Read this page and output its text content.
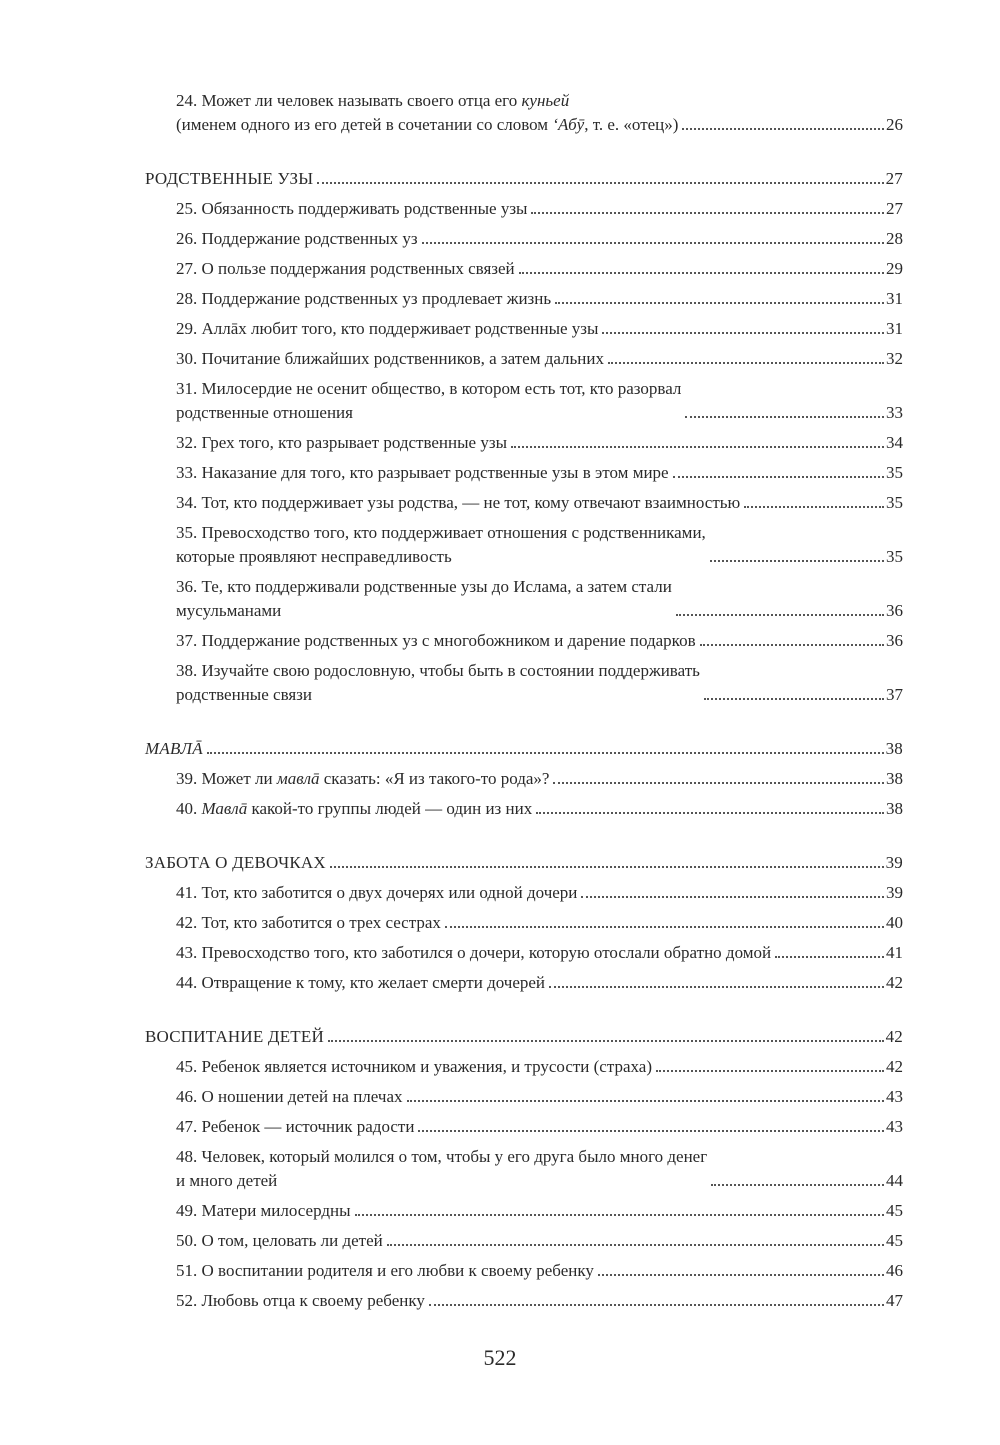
24. Может ли человек называть своего отца его куньей
(именем одного из его детей в сочетании со словом ‘Абӯ, т. е. «отец»)	26
РОДСТВЕННЫЕ УЗЫ	27
25. Обязанность поддерживать родственные узы	27
26. Поддержание родственных уз	28
27. О пользе поддержания родственных связей	29
28. Поддержание родственных уз продлевает жизнь	31
29. Аллāх любит того, кто поддерживает родственные узы	31
30. Почитание ближайших родственников, а затем дальних	32
31. Милосердие не осенит общество, в котором есть тот, кто разорвал
родственные отношения	33
32. Грех того, кто разрывает родственные узы	34
33. Наказание для того, кто разрывает родственные узы в этом мире	35
34. Тот, кто поддерживает узы родства, — не тот, кому отвечают взаимностью	35
35. Превосходство того, кто поддерживает отношения с родственниками,
которые проявляют несправедливость	35
36. Те, кто поддерживали родственные узы до Ислама, а затем стали
мусульманами	36
37. Поддержание родственных уз с многобожником и дарение подарков	36
38. Изучайте свою родословную, чтобы быть в состоянии поддерживать
родственные связи	37
МАВЛĀ	38
39. Может ли мавлā сказать: «Я из такого-то рода»?	38
40. Мавлā какой-то группы людей — один из них	38
ЗАБОТА О ДЕВОЧКАХ	39
41. Тот, кто заботится о двух дочерях или одной дочери	39
42. Тот, кто заботится о трех сестрах	40
43. Превосходство того, кто заботился о дочери, которую отослали обратно домой	41
44. Отвращение к тому, кто желает смерти дочерей	42
ВОСПИТАНИЕ ДЕТЕЙ	42
45. Ребенок является источником и уважения, и трусости (страха)	42
46. О ношении детей на плечах	43
47. Ребенок — источник радости	43
48. Человек, который молился о том, чтобы у его друга было много денег
и много детей	44
49. Матери милосердны	45
50. О том, целовать ли детей	45
51. О воспитании родителя и его любви к своему ребенку	46
52. Любовь отца к своему ребенку	47
522
